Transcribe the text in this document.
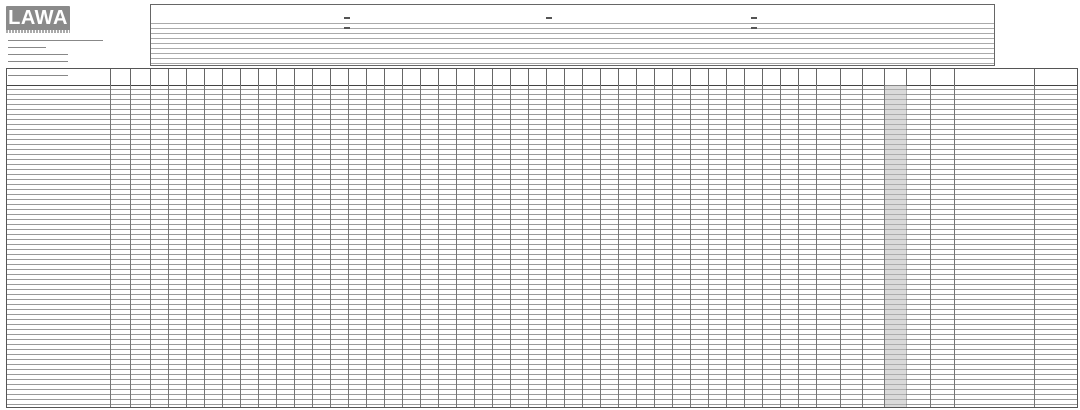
LAWA
